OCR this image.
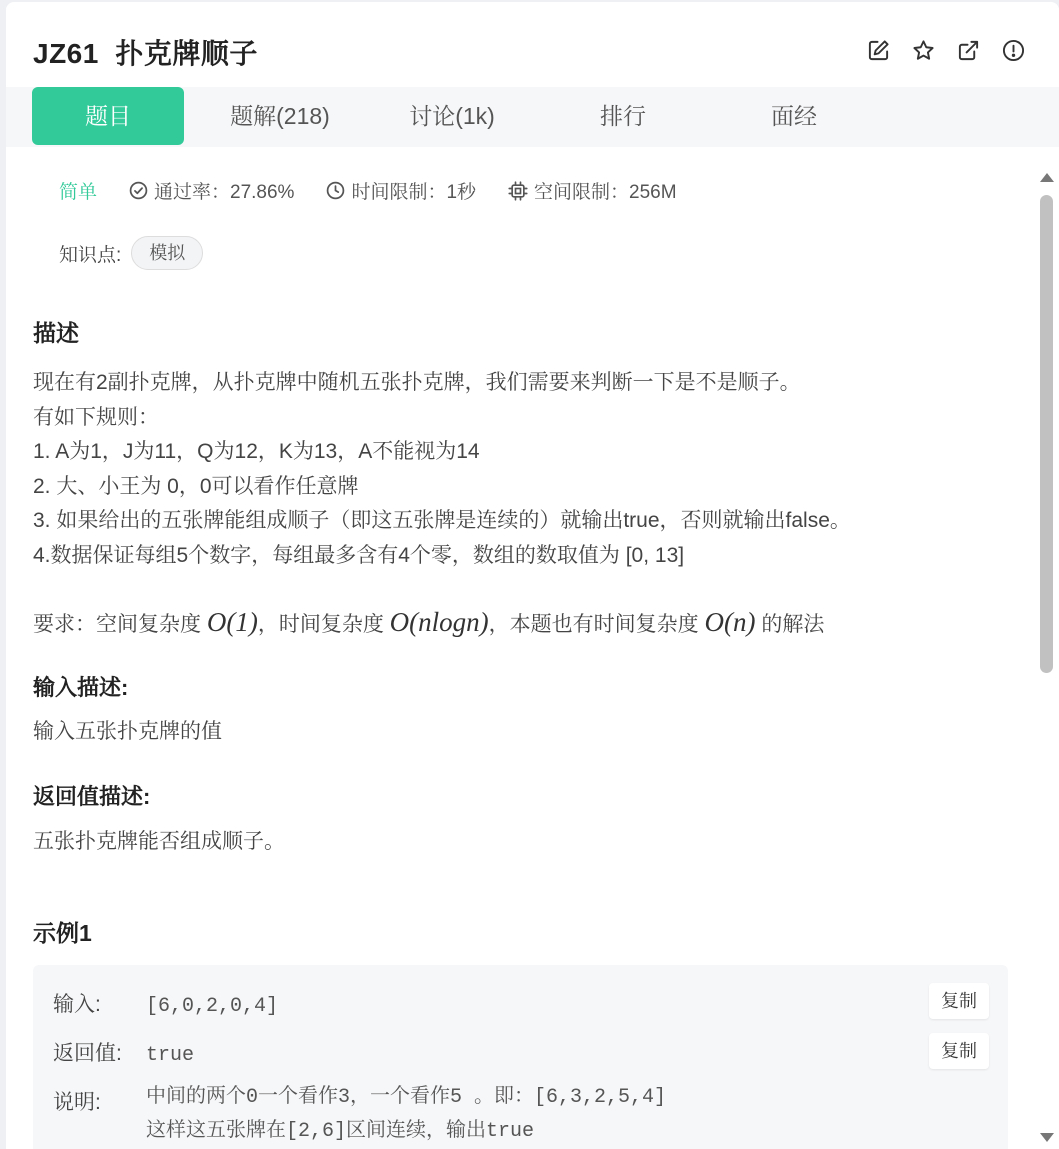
JZ61  扑克牌顺子
题目	题解(218)	讨论(1k)	排行	面经
简单	通过率：27.86%	时间限制：1秒	空间限制：256M
知识点:	模拟
描述
现在有2副扑克牌，从扑克牌中随机五张扑克牌，我们需要来判断一下是不是顺子。
有如下规则：
1. A为1，J为11，Q为12，K为13，A不能视为14
2. 大、小王为 0，0可以看作任意牌
3. 如果给出的五张牌能组成顺子（即这五张牌是连续的）就输出true，否则就输出false。
4.数据保证每组5个数字，每组最多含有4个零，数组的数取值为 [0, 13]
要求：空间复杂度 O(1)，时间复杂度 O(nlogn)，本题也有时间复杂度 O(n) 的解法
输入描述:
输入五张扑克牌的值
返回值描述:
五张扑克牌能否组成顺子。
示例1
输入: [6,0,2,0,4]	复制
返回值: true	复制
说明: 中间的两个0一个看作3，一个看作5 。即：[6,3,2,5,4]
这样这五张牌在[2,6]区间连续，输出true
